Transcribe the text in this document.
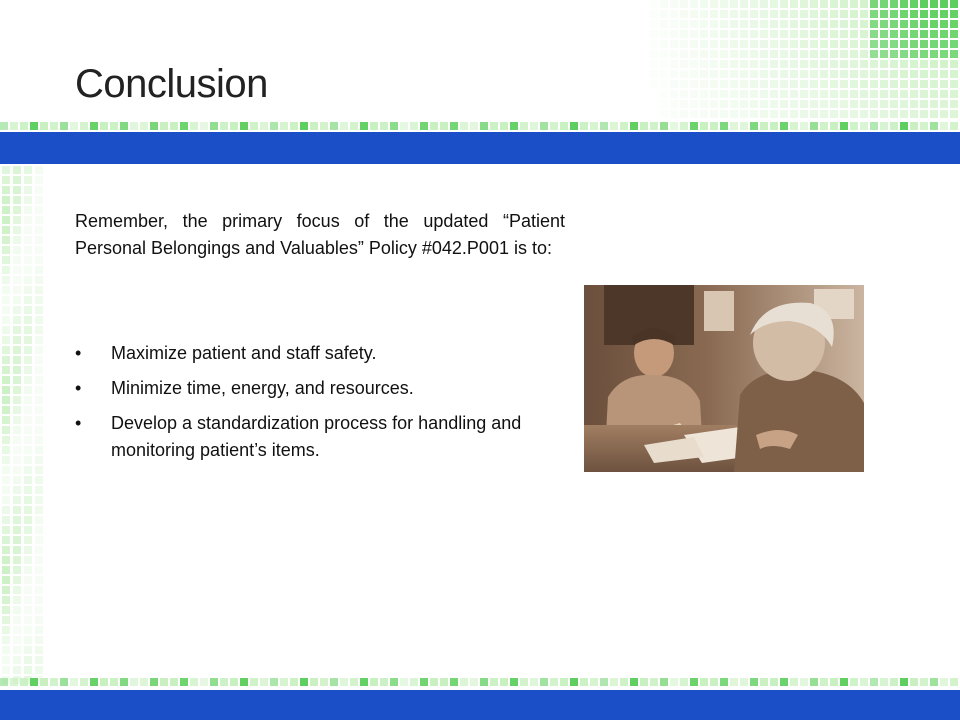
Conclusion

Remember, the primary focus of the updated “Patient Personal Belongings and Valuables” Policy #042.P001 is to:

• Maximize patient and staff safety.
• Minimize time, energy, and resources.
• Develop a standardization process for handling and monitoring patient’s items.
